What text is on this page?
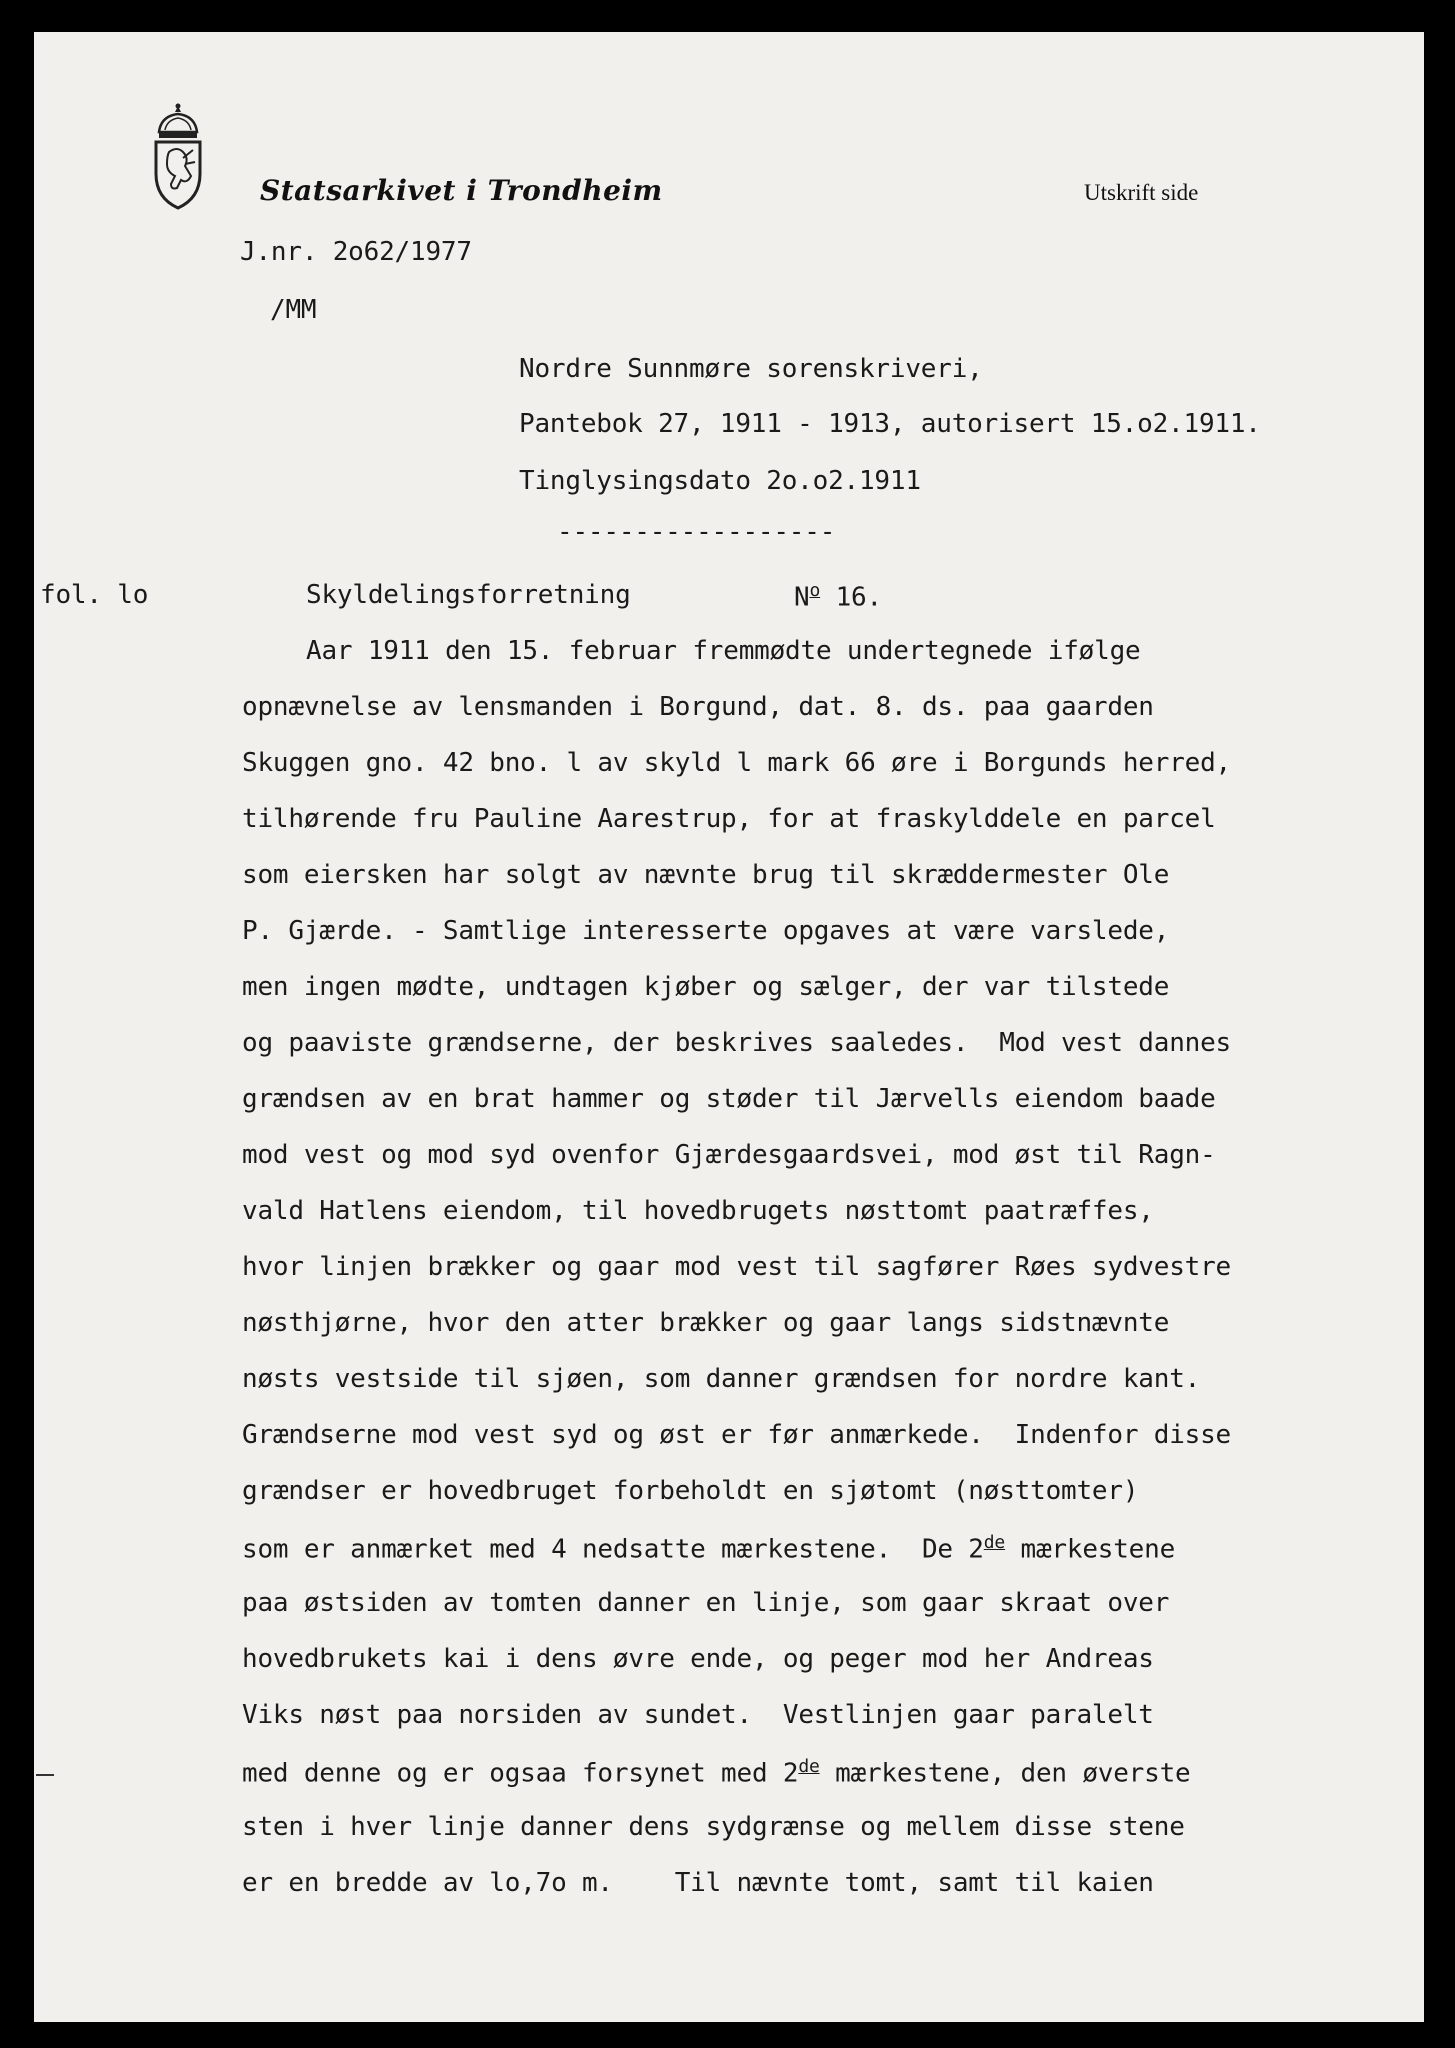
Statsarkivet i Trondheim	Utskrift side
J.nr. 2o62/1977
/MM
Nordre Sunnmøre sorenskriveri,
Pantebok 27, 1911 - 1913, autorisert 15.o2.1911.
Tinglysingsdato 2o.o2.1911
------------------
fol. lo	Skyldelingsforretning	$N^o$ 16.
Aar 1911 den 15. februar fremmødte undertegnede ifølge
opnævnelse av lensmanden i Borgund, dat. 8. ds. paa gaarden
Skuggen gno. 42 bno. l av skyld l mark 66 øre i Borgunds herred,
tilhørende fru Pauline Aarestrup, for at fraskylddele en parcel
som eiersken har solgt av nævnte brug til skræddermester Ole
P. Gjærde. - Samtlige interesserte opgaves at være varslede,
men ingen mødte, undtagen kjøber og sælger, der var tilstede
og paaviste grændserne, der beskrives saaledes.  Mod vest dannes
grændsen av en brat hammer og støder til Jærvells eiendom baade
mod vest og mod syd ovenfor Gjærdesgaardsvei, mod øst til Ragn-
vald Hatlens eiendom, til hovedbrugets nøsttomt paatræffes,
hvor linjen brækker og gaar mod vest til sagfører Røes sydvestre
nøsthjørne, hvor den atter brækker og gaar langs sidstnævnte
nøsts vestside til sjøen, som danner grændsen for nordre kant.
Grændserne mod vest syd og øst er før anmærkede.  Indenfor disse
grændser er hovedbruget forbeholdt en sjøtomt (nøsttomter)
som er anmærket med 4 nedsatte mærkestene.  De 2de mærkestene
paa østsiden av tomten danner en linje, som gaar skraat over
hovedbrukets kai i dens øvre ende, og peger mod her Andreas
Viks nøst paa norsiden av sundet.  Vestlinjen gaar paralelt
med denne og er ogsaa forsynet med 2de mærkestene, den øverste
sten i hver linje danner dens sydgrænse og mellem disse stene
er en bredde av lo,7o m.    Til nævnte tomt, samt til kaien
